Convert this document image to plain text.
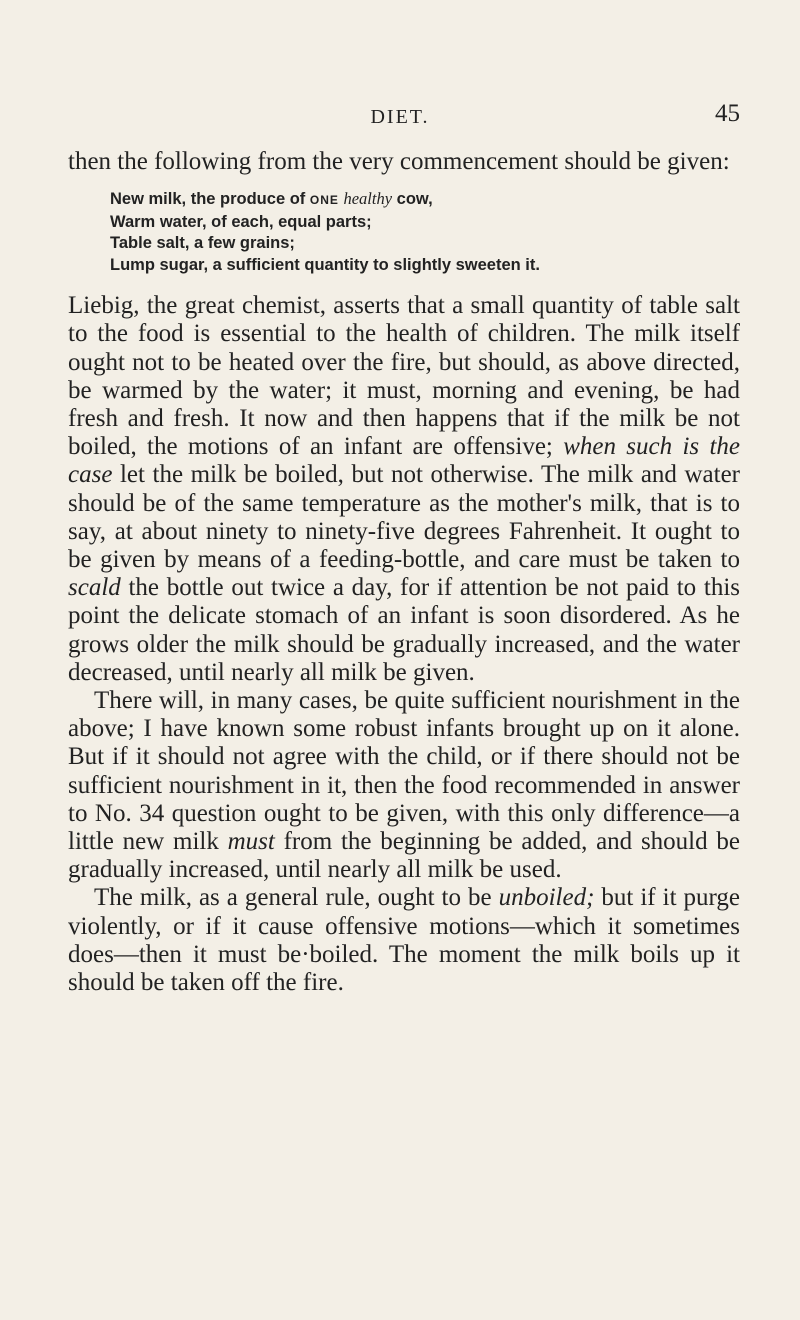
DIET.	45

then the following from the very commencement should be given:

New milk, the produce of ONE healthy cow,
Warm water, of each, equal parts;
Table salt, a few grains;
Lump sugar, a sufficient quantity to slightly sweeten it.

Liebig, the great chemist, asserts that a small quantity of table salt to the food is essential to the health of children. The milk itself ought not to be heated over the fire, but should, as above directed, be warmed by the water; it must, morning and evening, be had fresh and fresh. It now and then happens that if the milk be not boiled, the motions of an infant are offensive; when such is the case let the milk be boiled, but not otherwise. The milk and water should be of the same temperature as the mother's milk, that is to say, at about ninety to ninety-five degrees Fahrenheit. It ought to be given by means of a feeding-bottle, and care must be taken to scald the bottle out twice a day, for if attention be not paid to this point the delicate stomach of an infant is soon disordered. As he grows older the milk should be gradually increased, and the water decreased, until nearly all milk be given.

There will, in many cases, be quite sufficient nourishment in the above; I have known some robust infants brought up on it alone. But if it should not agree with the child, or if there should not be sufficient nourishment in it, then the food recommended in answer to No. 34 question ought to be given, with this only difference—a little new milk must from the beginning be added, and should be gradually increased, until nearly all milk be used.

The milk, as a general rule, ought to be unboiled; but if it purge violently, or if it cause offensive motions—which it sometimes does—then it must be·boiled. The moment the milk boils up it should be taken off the fire.
